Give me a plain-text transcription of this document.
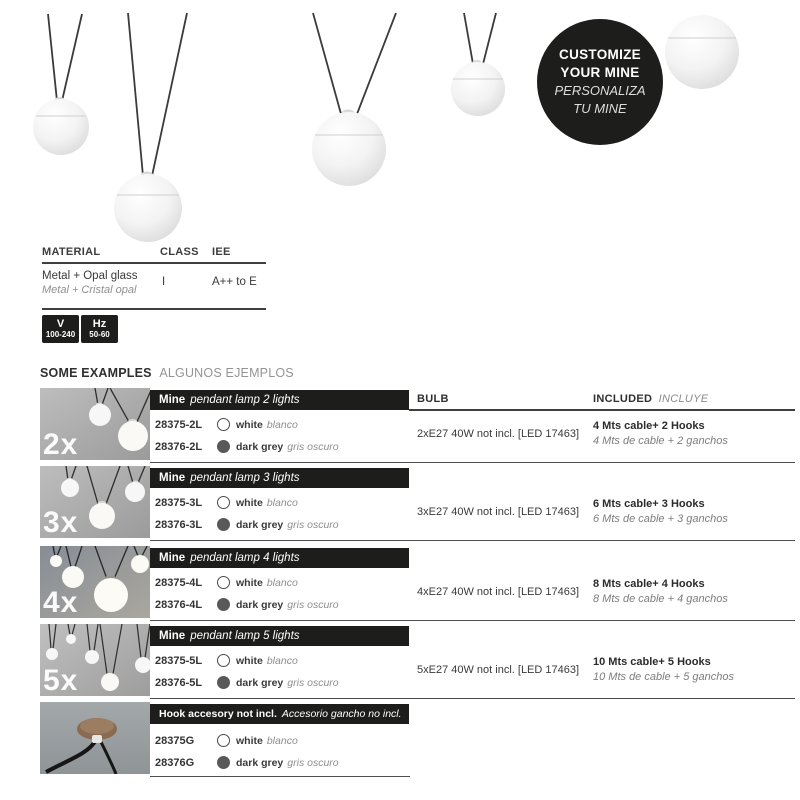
CUSTOMIZE
YOUR MINE
PERSONALIZA
TU MINE
MATERIAL	CLASS IEE
Metal + Opal glass
Metal + Cristal opal
I	A++ to E
V
100-240
Hz
50-60
SOME EXAMPLES ALGUNOS EJEMPLOS
2x
Mine pendant lamp 2 lights	BULB	INCLUDED INCLUYE
28375-2L	white blanco
28376-2L	dark grey gris oscuro
2xE27 40W not incl. [LED 17463]
4 Mts cable+ 2 Hooks
4 Mts de cable + 2 ganchos
3x
Mine pendant lamp 3 lights
28375-3L	white blanco
28376-3L	dark grey gris oscuro
3xE27 40W not incl. [LED 17463]
6 Mts cable+ 3 Hooks
6 Mts de cable + 3 ganchos
4x
Mine pendant lamp 4 lights
28375-4L	white blanco
28376-4L	dark grey gris oscuro
4xE27 40W not incl. [LED 17463]
8 Mts cable+ 4 Hooks
8 Mts de cable + 4 ganchos
5x
Mine pendant lamp 5 lights
28375-5L	white blanco
28376-5L	dark grey gris oscuro
5xE27 40W not incl. [LED 17463]
10 Mts cable+ 5 Hooks
10 Mts de cable + 5 ganchos
Hook accesory not incl. Accesorio gancho no incl.
28375G	white blanco
28376G	dark grey gris oscuro
